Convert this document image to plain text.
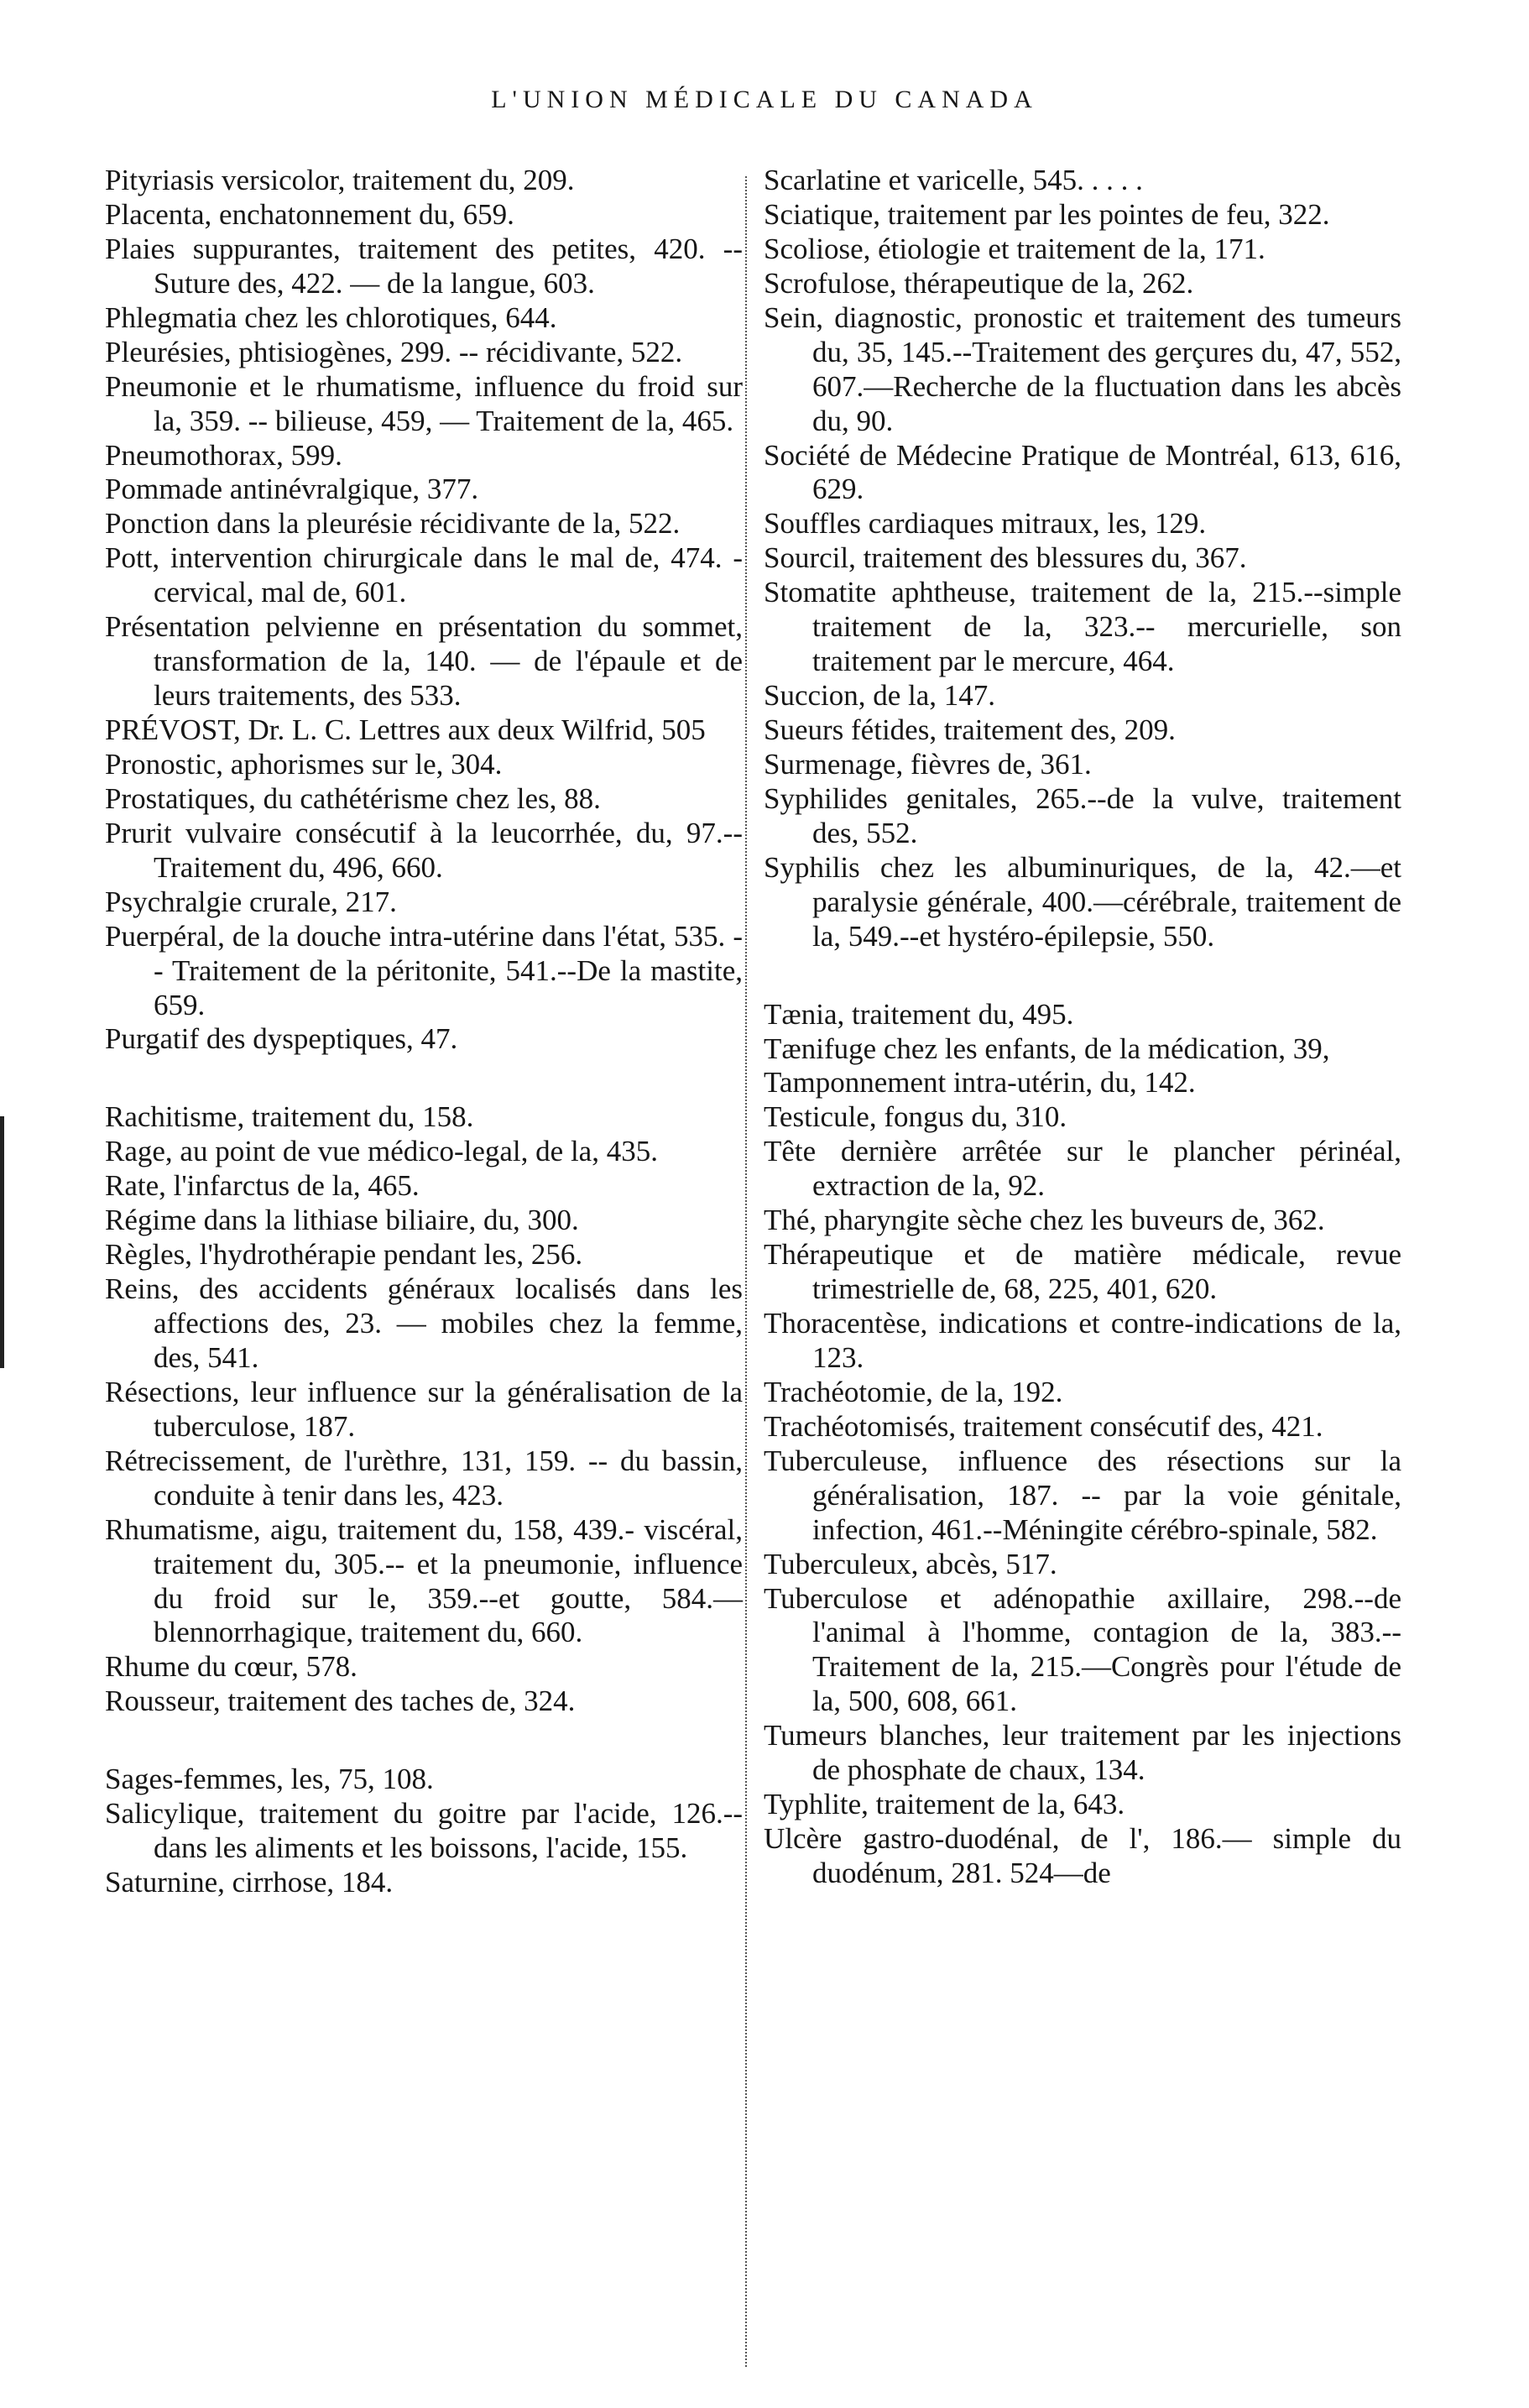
L'UNION MÉDICALE DU CANADA

Pityriasis versicolor, traitement du, 209.

Placenta, enchatonnement du, 659.

Plaies suppurantes, traitement des petites, 420. -- Suture des, 422. — de la langue, 603.

Phlegmatia chez les chlorotiques, 644.

Pleurésies, phtisiogènes, 299. -- récidivante, 522.

Pneumonie et le rhumatisme, influence du froid sur la, 359. -- bilieuse, 459, — Traitement de la, 465.

Pneumothorax, 599.

Pommade antinévralgique, 377.

Ponction dans la pleurésie récidivante de la, 522.

Pott, intervention chirurgicale dans le mal de, 474. - cervical, mal de, 601.

Présentation pelvienne en présentation du sommet, transformation de la, 140. — de l'épaule et de leurs traitements, des 533.

PRÉVOST, Dr. L. C. Lettres aux deux Wilfrid, 505

Pronostic, aphorismes sur le, 304.

Prostatiques, du cathétérisme chez les, 88.

Prurit vulvaire consécutif à la leucorrhée, du, 97.--Traitement du, 496, 660.

Psychralgie crurale, 217.

Puerpéral, de la douche intra-utérine dans l'état, 535. -- Traitement de la péritonite, 541.--De la mastite, 659.

Purgatif des dyspeptiques, 47.

Rachitisme, traitement du, 158.

Rage, au point de vue médico-legal, de la, 435.

Rate, l'infarctus de la, 465.

Régime dans la lithiase biliaire, du, 300.

Règles, l'hydrothérapie pendant les, 256.

Reins, des accidents généraux localisés dans les affections des, 23. — mobiles chez la femme, des, 541.

Résections, leur influence sur la généralisation de la tuberculose, 187.

Rétrecissement, de l'urèthre, 131, 159. -- du bassin, conduite à tenir dans les, 423.

Rhumatisme, aigu, traitement du, 158, 439.- viscéral, traitement du, 305.-- et la pneumonie, influence du froid sur le, 359.--et goutte, 584.—blennorrhagique, traitement du, 660.

Rhume du cœur, 578.

Rousseur, traitement des taches de, 324.

Sages-femmes, les, 75, 108.

Salicylique, traitement du goitre par l'acide, 126.--dans les aliments et les boissons, l'acide, 155.

Saturnine, cirrhose, 184.

Scarlatine et varicelle, 545. . . . .

Sciatique, traitement par les pointes de feu, 322.

Scoliose, étiologie et traitement de la, 171.

Scrofulose, thérapeutique de la, 262.

Sein, diagnostic, pronostic et traitement des tumeurs du, 35, 145.--Traitement des gerçures du, 47, 552, 607.—Recherche de la fluctuation dans les abcès du, 90.

Société de Médecine Pratique de Montréal, 613, 616, 629.

Souffles cardiaques mitraux, les, 129.

Sourcil, traitement des blessures du, 367.

Stomatite aphtheuse, traitement de la, 215.--simple traitement de la, 323.-- mercurielle, son traitement par le mercure, 464.

Succion, de la, 147.

Sueurs fétides, traitement des, 209.

Surmenage, fièvres de, 361.

Syphilides genitales, 265.--de la vulve, traitement des, 552.

Syphilis chez les albuminuriques, de la, 42.—et paralysie générale, 400.—cérébrale, traitement de la, 549.--et hystéro-épilepsie, 550.

Tænia, traitement du, 495.

Tænifuge chez les enfants, de la médication, 39,

Tamponnement intra-utérin, du, 142.

Testicule, fongus du, 310.

Tête dernière arrêtée sur le plancher périnéal, extraction de la, 92.

Thé, pharyngite sèche chez les buveurs de, 362.

Thérapeutique et de matière médicale, revue trimestrielle de, 68, 225, 401, 620.

Thoracentèse, indications et contre-indications de la, 123.

Trachéotomie, de la, 192.

Trachéotomisés, traitement consécutif des, 421.

Tuberculeuse, influence des résections sur la généralisation, 187. -- par la voie génitale, infection, 461.--Méningite cérébro-spinale, 582.

Tuberculeux, abcès, 517.

Tuberculose et adénopathie axillaire, 298.--de l'animal à l'homme, contagion de la, 383.--Traitement de la, 215.—Congrès pour l'étude de la, 500, 608, 661.

Tumeurs blanches, leur traitement par les injections de phosphate de chaux, 134.

Typhlite, traitement de la, 643.

Ulcère gastro-duodénal, de l', 186.— simple du duodénum, 281. 524—de
